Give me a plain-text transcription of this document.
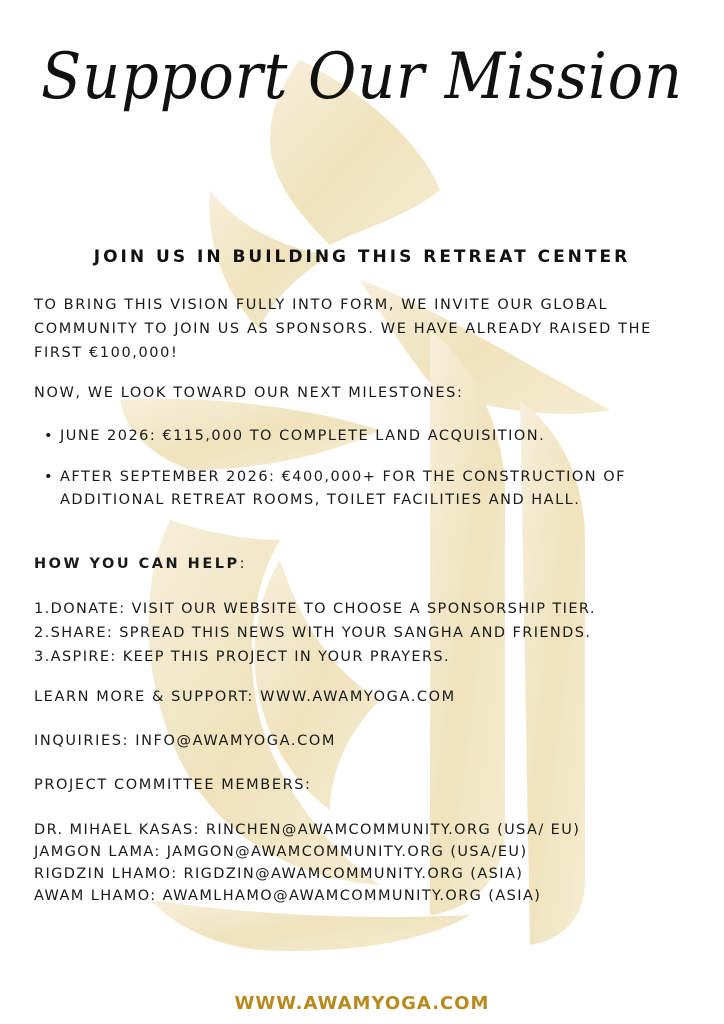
Support Our Mission
JOIN US IN BUILDING THIS RETREAT CENTER

TO BRING THIS VISION FULLY INTO FORM, WE INVITE OUR GLOBAL COMMUNITY TO JOIN US AS SPONSORS. WE HAVE ALREADY RAISED THE FIRST €100,000!

NOW, WE LOOK TOWARD OUR NEXT MILESTONES:

• JUNE 2026: €115,000 TO COMPLETE LAND ACQUISITION.
• AFTER SEPTEMBER 2026: €400,000+ FOR THE CONSTRUCTION OF ADDITIONAL RETREAT ROOMS, TOILET FACILITIES AND HALL.
HOW YOU CAN HELP:
1.DONATE: VISIT OUR WEBSITE TO CHOOSE A SPONSORSHIP TIER.
2.SHARE: SPREAD THIS NEWS WITH YOUR SANGHA AND FRIENDS.
3.ASPIRE: KEEP THIS PROJECT IN YOUR PRAYERS.
LEARN MORE & SUPPORT: WWW.AWAMYOGA.COM
INQUIRIES: INFO@AWAMYOGA.COM
PROJECT COMMITTEE MEMBERS:
DR. MIHAEL KASAS: RINCHEN@AWAMCOMMUNITY.ORG (USA/ EU)
JAMGON LAMA: JAMGON@AWAMCOMMUNITY.ORG (USA/EU)
RIGDZIN LHAMO: RIGDZIN@AWAMCOMMUNITY.ORG (ASIA)
AWAM LHAMO: AWAMLHAMO@AWAMCOMMUNITY.ORG (ASIA)
WWW.AWAMYOGA.COM
